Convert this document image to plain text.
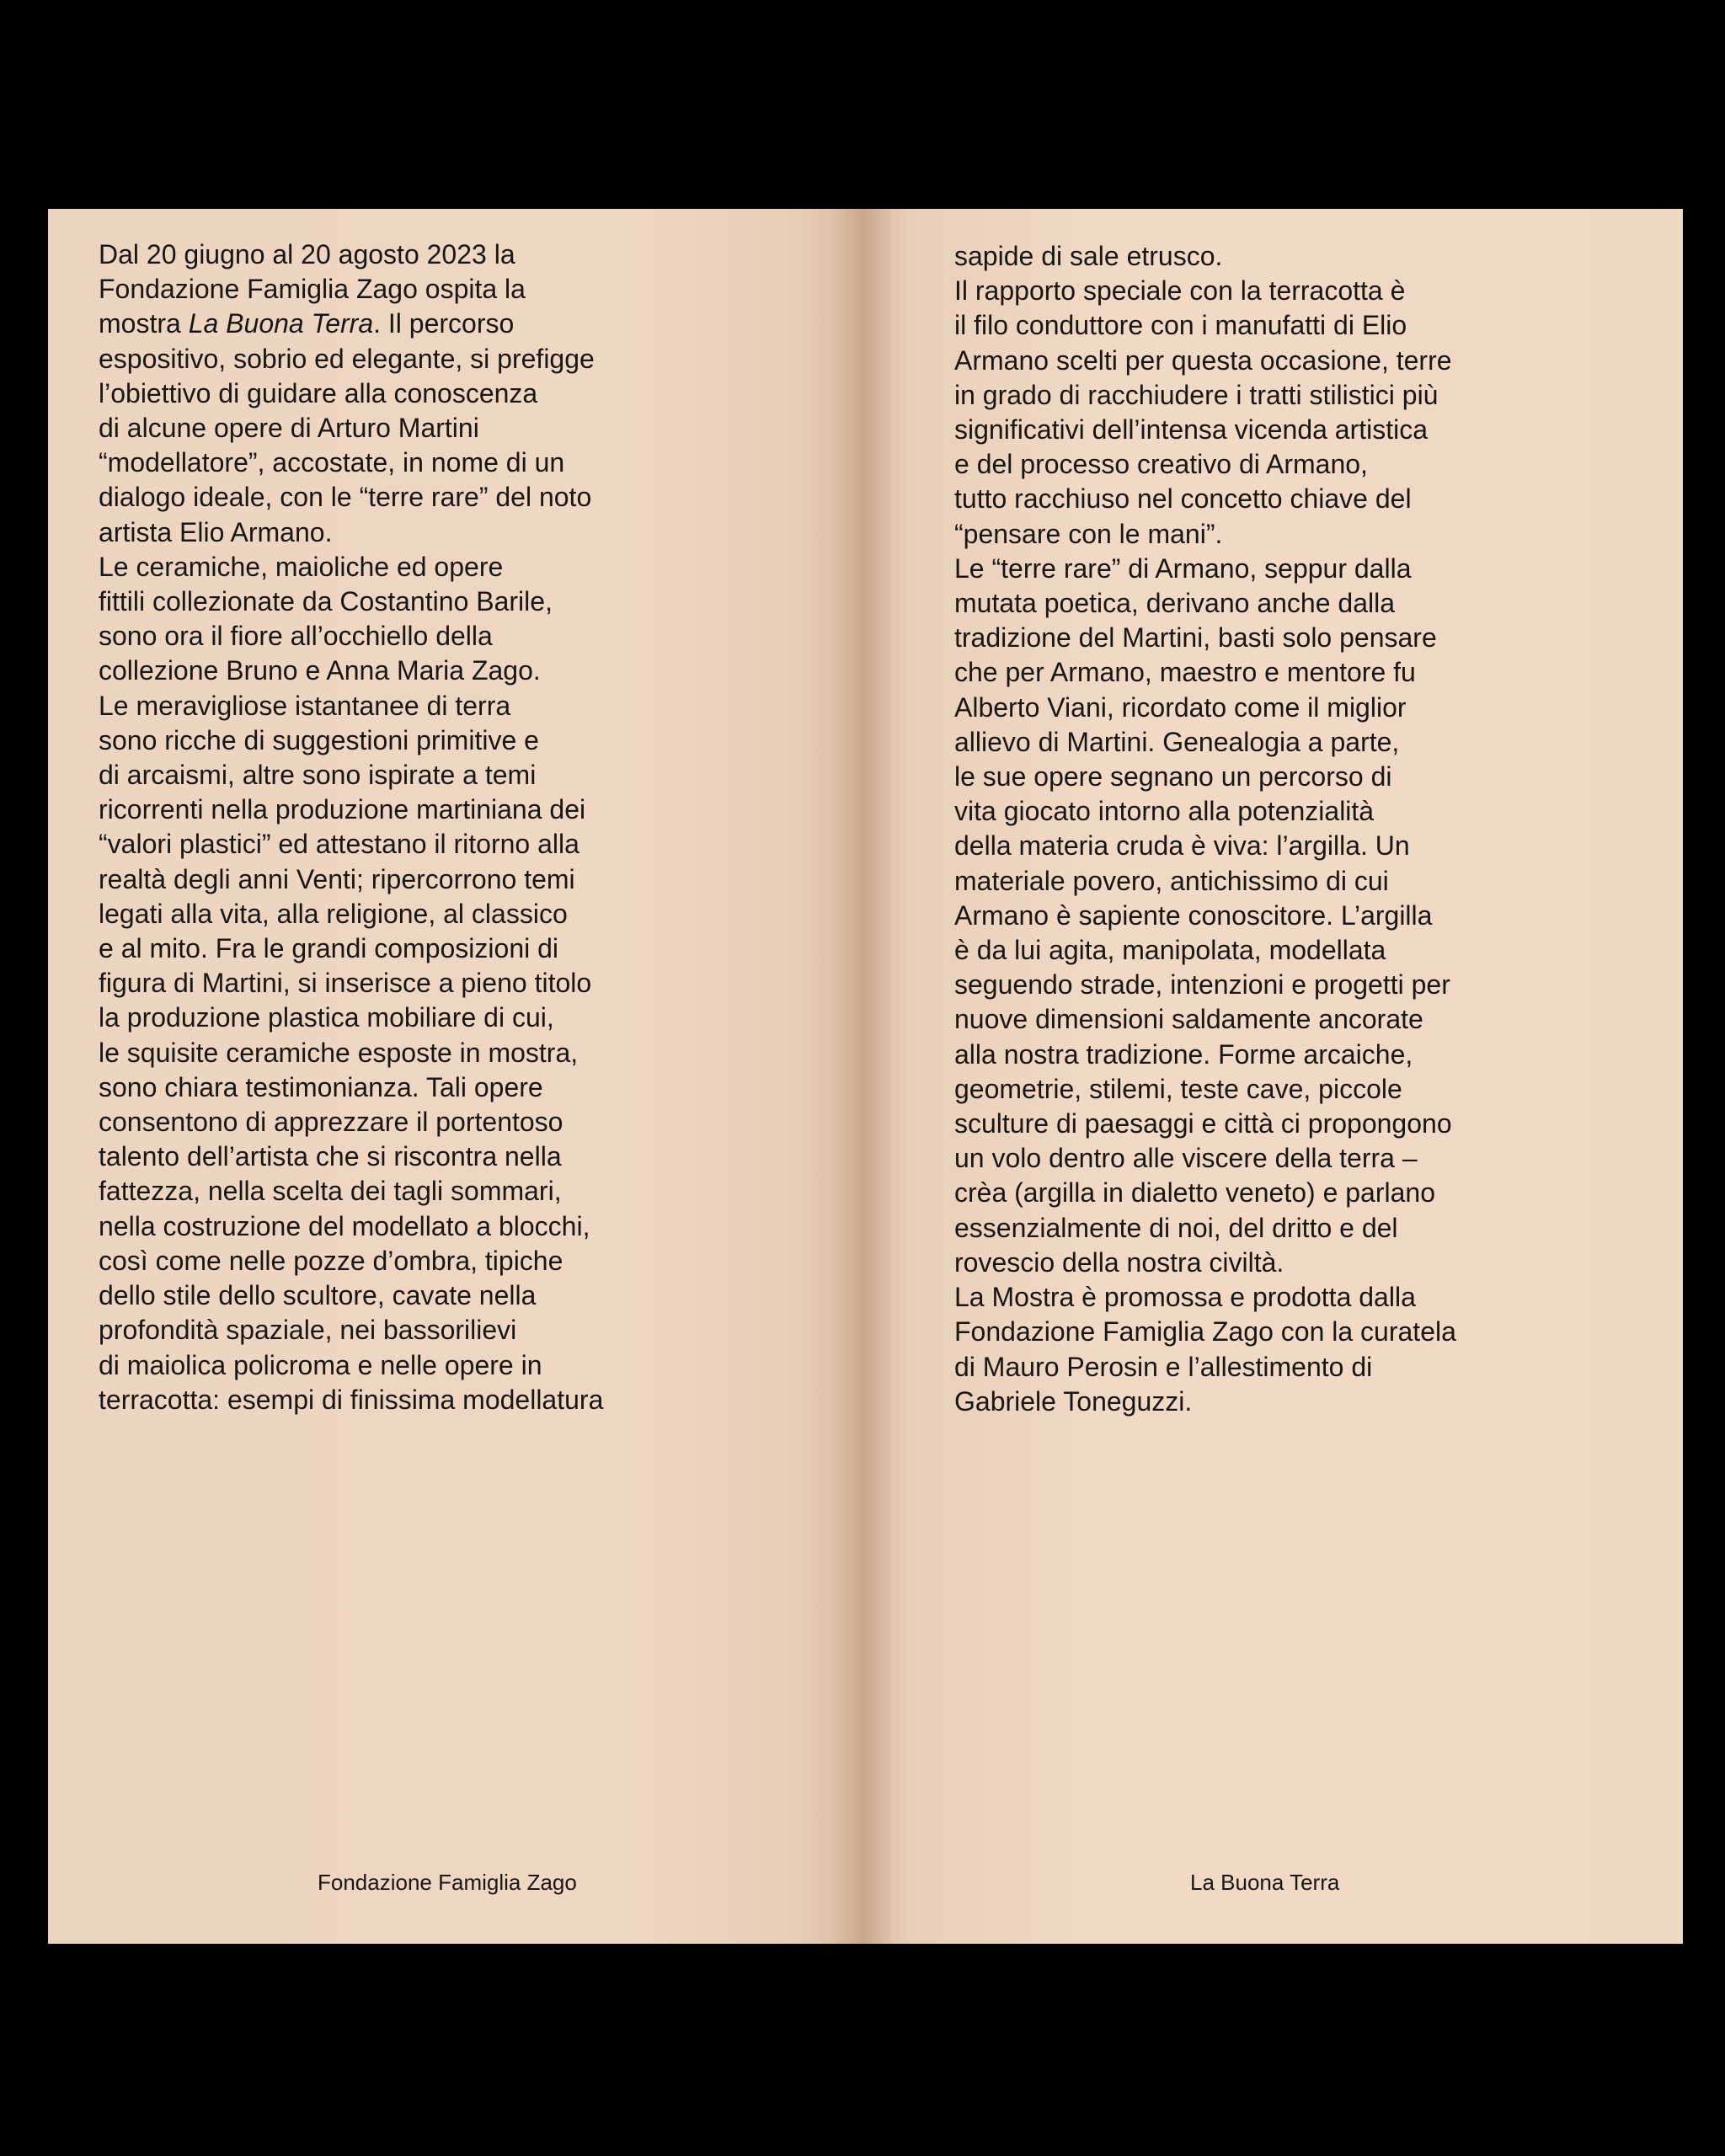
Dal 20 giugno al 20 agosto 2023 la
Fondazione Famiglia Zago ospita la
mostra La Buona Terra. Il percorso
espositivo, sobrio ed elegante, si prefigge
l’obiettivo di guidare alla conoscenza
di alcune opere di Arturo Martini
“modellatore”, accostate, in nome di un
dialogo ideale, con le “terre rare” del noto
artista Elio Armano.
Le ceramiche, maioliche ed opere
fittili collezionate da Costantino Barile,
sono ora il fiore all’occhiello della
collezione Bruno e Anna Maria Zago.
Le meravigliose istantanee di terra
sono ricche di suggestioni primitive e
di arcaismi, altre sono ispirate a temi
ricorrenti nella produzione martiniana dei
“valori plastici” ed attestano il ritorno alla
realtà degli anni Venti; ripercorrono temi
legati alla vita, alla religione, al classico
e al mito. Fra le grandi composizioni di
figura di Martini, si inserisce a pieno titolo
la produzione plastica mobiliare di cui,
le squisite ceramiche esposte in mostra,
sono chiara testimonianza. Tali opere
consentono di apprezzare il portentoso
talento dell’artista che si riscontra nella
fattezza, nella scelta dei tagli sommari,
nella costruzione del modellato a blocchi,
così come nelle pozze d’ombra, tipiche
dello stile dello scultore, cavate nella
profondità spaziale, nei bassorilievi
di maiolica policroma e nelle opere in
terracotta: esempi di finissima modellatura

Fondazione Famiglia Zago

sapide di sale etrusco.
Il rapporto speciale con la terracotta è
il filo conduttore con i manufatti di Elio
Armano scelti per questa occasione, terre
in grado di racchiudere i tratti stilistici più
significativi dell’intensa vicenda artistica
e del processo creativo di Armano,
tutto racchiuso nel concetto chiave del
“pensare con le mani”.
Le “terre rare” di Armano, seppur dalla
mutata poetica, derivano anche dalla
tradizione del Martini, basti solo pensare
che per Armano, maestro e mentore fu
Alberto Viani, ricordato come il miglior
allievo di Martini. Genealogia a parte,
le sue opere segnano un percorso di
vita giocato intorno alla potenzialità
della materia cruda è viva: l’argilla. Un
materiale povero, antichissimo di cui
Armano è sapiente conoscitore. L’argilla
è da lui agita, manipolata, modellata
seguendo strade, intenzioni e progetti per
nuove dimensioni saldamente ancorate
alla nostra tradizione. Forme arcaiche,
geometrie, stilemi, teste cave, piccole
sculture di paesaggi e città ci propongono
un volo dentro alle viscere della terra –
crèa (argilla in dialetto veneto) e parlano
essenzialmente di noi, del dritto e del
rovescio della nostra civiltà.
La Mostra è promossa e prodotta dalla
Fondazione Famiglia Zago con la curatela
di Mauro Perosin e l’allestimento di
Gabriele Toneguzzi.

La Buona Terra
